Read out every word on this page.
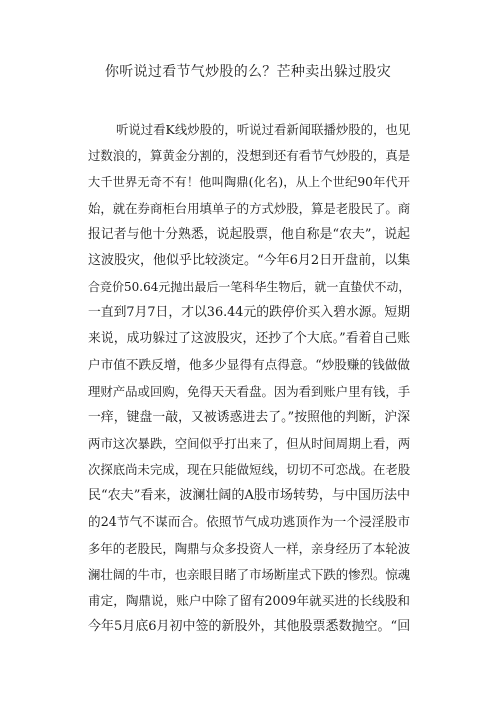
你听说过看节气炒股的么？芒种卖出躲过股灾
听说过看K线炒股的，听说过看新闻联播炒股的，也见
过数浪的，算黄金分割的，没想到还有看节气炒股的，真是
大千世界无奇不有！他叫陶鼎(化名)，从上个世纪90年代开
始，就在券商柜台用填单子的方式炒股，算是老股民了。商
报记者与他十分熟悉，说起股票，他自称是“农夫”，说起
这波股灾，他似乎比较淡定。“今年6月2日开盘前，以集
合竞价50.64元抛出最后一笔科华生物后，就一直蛰伏不动，
一直到7月7日，才以36.44元的跌停价买入碧水源。短期
来说，成功躲过了这波股灾，还抄了个大底。”看着自己账
户市值不跌反增，他多少显得有点得意。“炒股赚的钱做做
理财产品或回购，免得天天看盘。因为看到账户里有钱，手
一痒，键盘一敲，又被诱惑进去了。”按照他的判断，沪深
两市这次暴跌，空间似乎打出来了，但从时间周期上看，两
次探底尚未完成，现在只能做短线，切切不可恋战。在老股
民“农夫”看来，波澜壮阔的A股市场转势，与中国历法中
的24节气不谋而合。依照节气成功逃顶作为一个浸淫股市
多年的老股民，陶鼎与众多投资人一样，亲身经历了本轮波
澜壮阔的牛市，也亲眼目睹了市场断崖式下跌的惨烈。惊魂
甫定，陶鼎说，账户中除了留有2009年就买进的长线股和
今年5月底6月初中签的新股外，其他股票悉数抛空。“回
